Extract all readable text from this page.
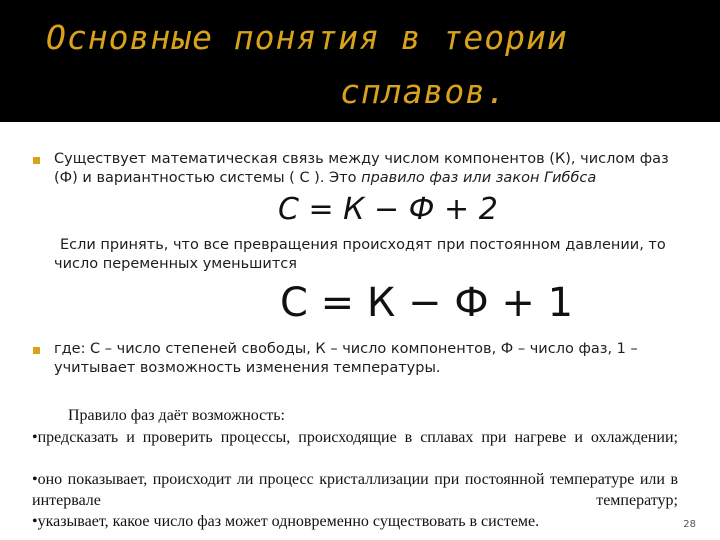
Основные понятия в теории
сплавов.
Существует математическая связь между числом компонентов (К), числом фаз (Ф) и вариантностью системы ( С ). Это правило фаз или закон Гиббса
С = К − Ф + 2
Если принять, что все превращения происходят при постоянном давлении, то число переменных уменьшится
С = К − Ф + 1
где: С – число степеней свободы, К – число компонентов, Ф – число фаз, 1 – учитывает возможность изменения температуры.
Правило фаз даёт возможность:
•предсказать и проверить процессы, происходящие в сплавах при нагреве и охлаждении;
•оно показывает, происходит ли процесс кристаллизации при постоянной температуре или в интервале температур;
•указывает, какое число фаз может одновременно существовать в системе.	28
